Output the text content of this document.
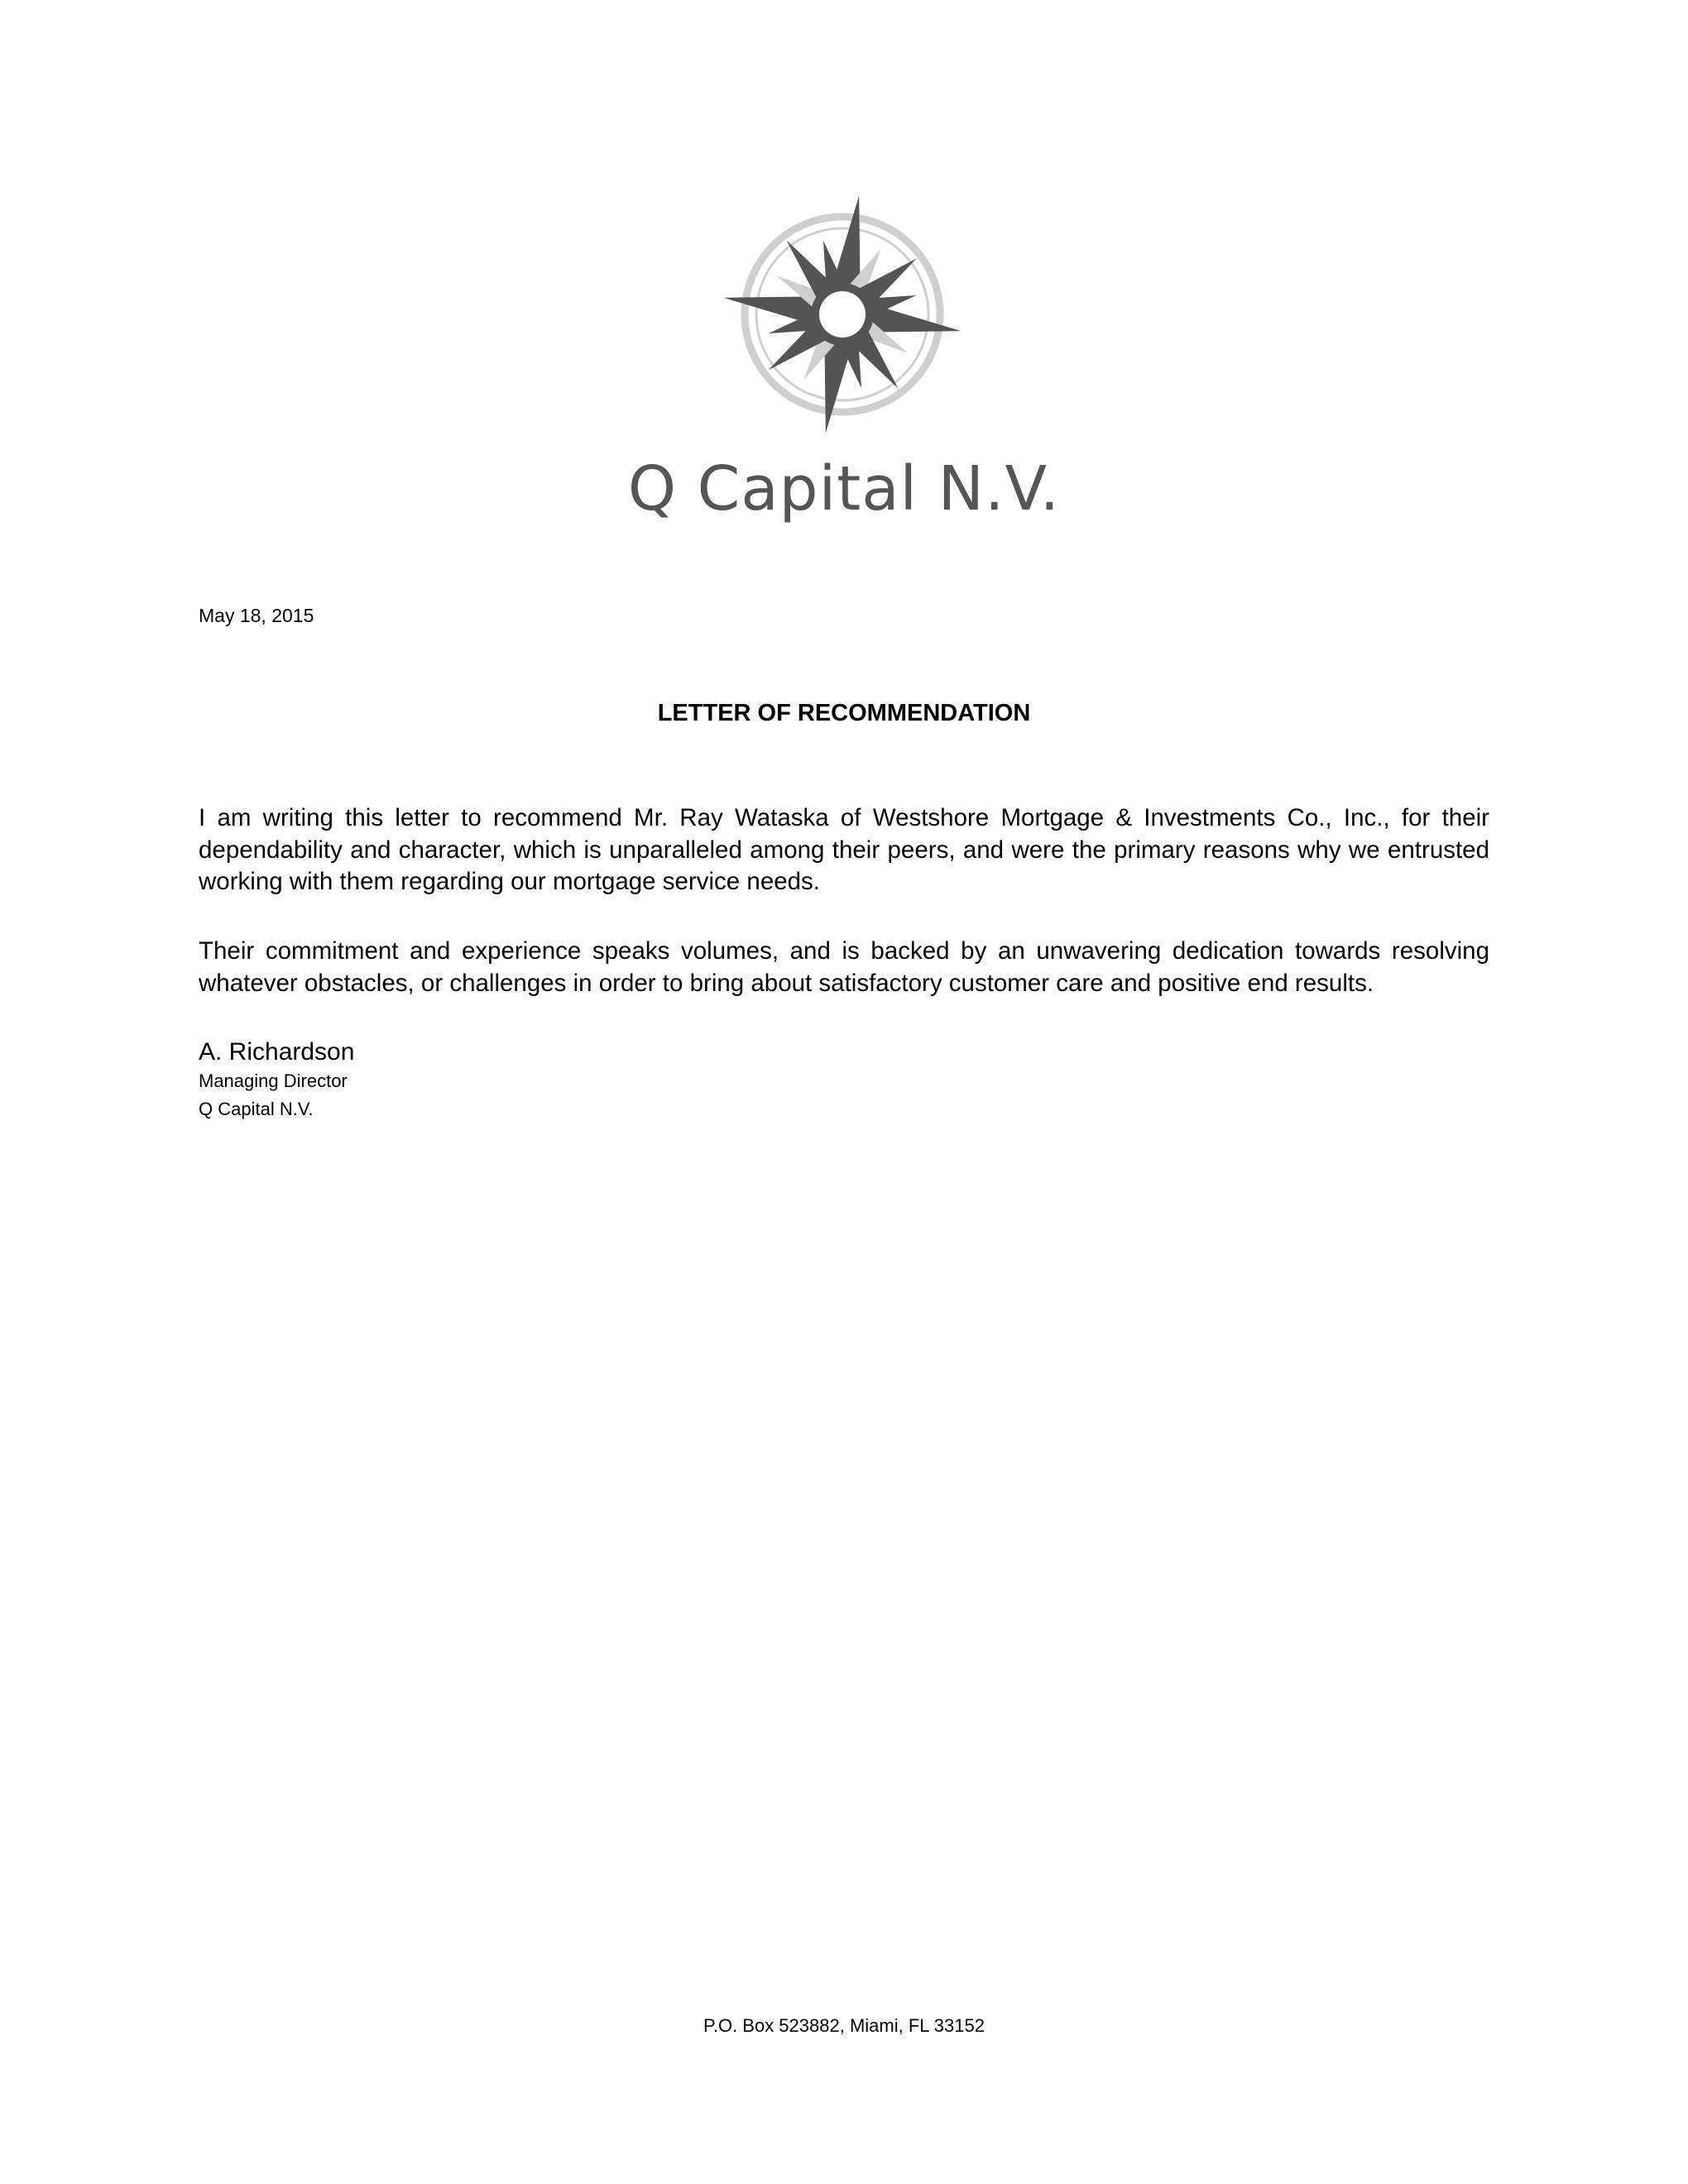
Q Capital N.V.
May 18, 2015
LETTER OF RECOMMENDATION
I am writing this letter to recommend Mr. Ray Wataska of Westshore Mortgage & Investments Co., Inc., for their dependability and character, which is unparalleled among their peers, and were the primary reasons why we entrusted working with them regarding our mortgage service needs.
Their commitment and experience speaks volumes, and is backed by an unwavering dedication towards resolving whatever obstacles, or challenges in order to bring about satisfactory customer care and positive end results.
A. Richardson
Managing Director
Q Capital N.V.
P.O. Box 523882, Miami, FL 33152
